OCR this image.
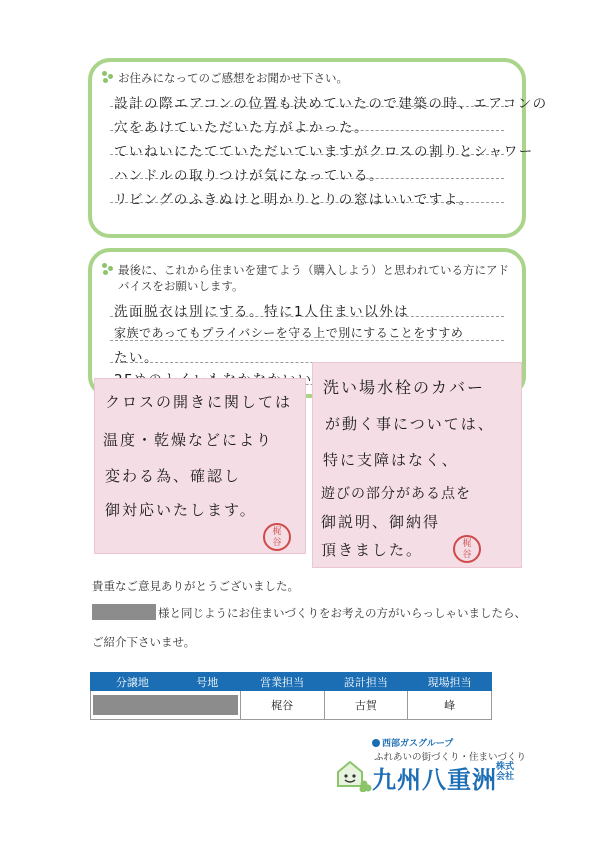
お住みになってのご感想をお聞かせ下さい。
設計の際エアコンの位置も決めていたので建築の時、エアコンの
穴をあけていただいた方がよかった。
ていねいにたてていただいていますがクロスの割りとシャワー
ハンドルの取りつけが気になっている。
リビングのふきぬけと明かりとりの窓はいいですよ。
最後に、これから住まいを建てよう（購入しよう）と思われている方にアド
バイスをお願いします。
洗面脱衣は別にする。特に1人住まい以外は
家族であってもプライバシーを守る上で別にすることをすすめ
たい。
クロスの開きに関しては
温度・乾燥などにより
変わる為、確認し
御対応いたします。
梶
谷
洗い場水栓のカバー
が動く事については、
特に支障はなく、
遊びの部分がある点を
御説明、御納得
頂きました。	梶
谷
貴重なご意見ありがとうございました。
様と同じようにお住まいづくりをお考えの方がいらっしゃいましたら、
ご紹介下さいませ。
分譲地	号地	営業担当	設計担当	現場担当

		梶谷	古賀	峰
西部ガスグループ
ふれあいの街づくり・住まいづくり
九州八重洲 株式会社
